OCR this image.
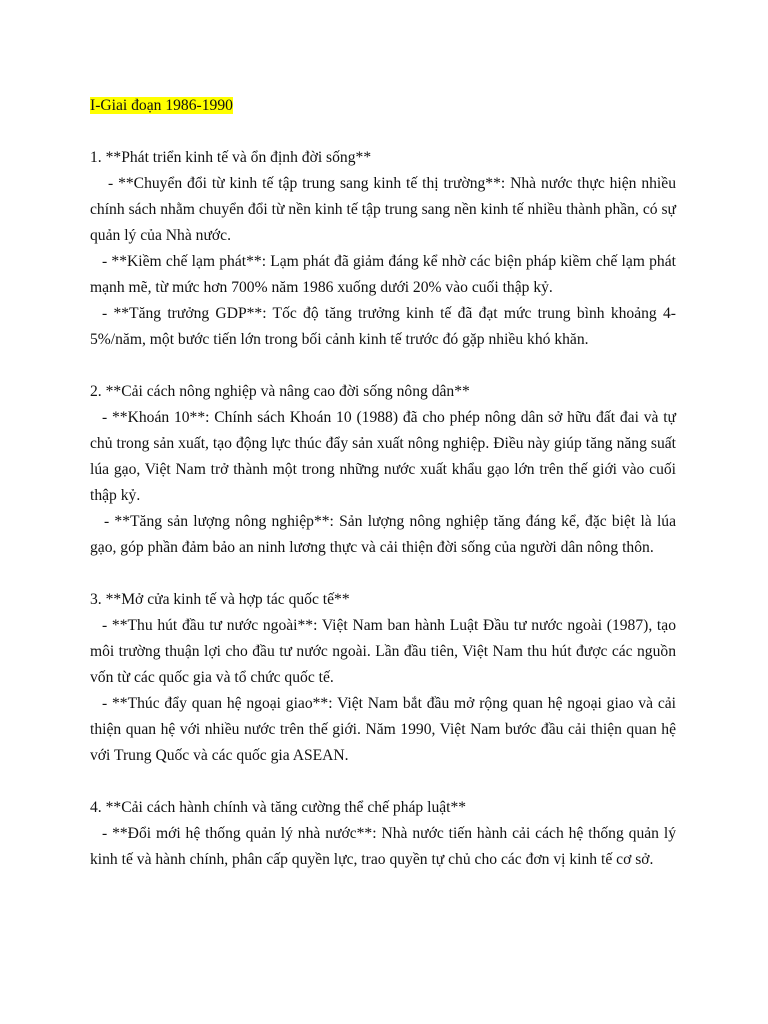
I-Giai đoạn 1986-1990
1. **Phát triển kinh tế và ổn định đời sống**
- **Chuyển đổi từ kinh tế tập trung sang kinh tế thị trường**: Nhà nước thực hiện nhiều chính sách nhằm chuyển đổi từ nền kinh tế tập trung sang nền kinh tế nhiều thành phần, có sự quản lý của Nhà nước.
- **Kiềm chế lạm phát**: Lạm phát đã giảm đáng kể nhờ các biện pháp kiềm chế lạm phát mạnh mẽ, từ mức hơn 700% năm 1986 xuống dưới 20% vào cuối thập kỷ.
- **Tăng trưởng GDP**: Tốc độ tăng trưởng kinh tế đã đạt mức trung bình khoảng 4-5%/năm, một bước tiến lớn trong bối cảnh kinh tế trước đó gặp nhiều khó khăn.
2. **Cải cách nông nghiệp và nâng cao đời sống nông dân**
- **Khoán 10**: Chính sách Khoán 10 (1988) đã cho phép nông dân sở hữu đất đai và tự chủ trong sản xuất, tạo động lực thúc đẩy sản xuất nông nghiệp. Điều này giúp tăng năng suất lúa gạo, Việt Nam trở thành một trong những nước xuất khẩu gạo lớn trên thế giới vào cuối thập kỷ.
- **Tăng sản lượng nông nghiệp**: Sản lượng nông nghiệp tăng đáng kể, đặc biệt là lúa gạo, góp phần đảm bảo an ninh lương thực và cải thiện đời sống của người dân nông thôn.
3. **Mở cửa kinh tế và hợp tác quốc tế**
- **Thu hút đầu tư nước ngoài**: Việt Nam ban hành Luật Đầu tư nước ngoài (1987), tạo môi trường thuận lợi cho đầu tư nước ngoài. Lần đầu tiên, Việt Nam thu hút được các nguồn vốn từ các quốc gia và tổ chức quốc tế.
- **Thúc đẩy quan hệ ngoại giao**: Việt Nam bắt đầu mở rộng quan hệ ngoại giao và cải thiện quan hệ với nhiều nước trên thế giới. Năm 1990, Việt Nam bước đầu cải thiện quan hệ với Trung Quốc và các quốc gia ASEAN.
4. **Cải cách hành chính và tăng cường thể chế pháp luật**
- **Đổi mới hệ thống quản lý nhà nước**: Nhà nước tiến hành cải cách hệ thống quản lý kinh tế và hành chính, phân cấp quyền lực, trao quyền tự chủ cho các đơn vị kinh tế cơ sở.
